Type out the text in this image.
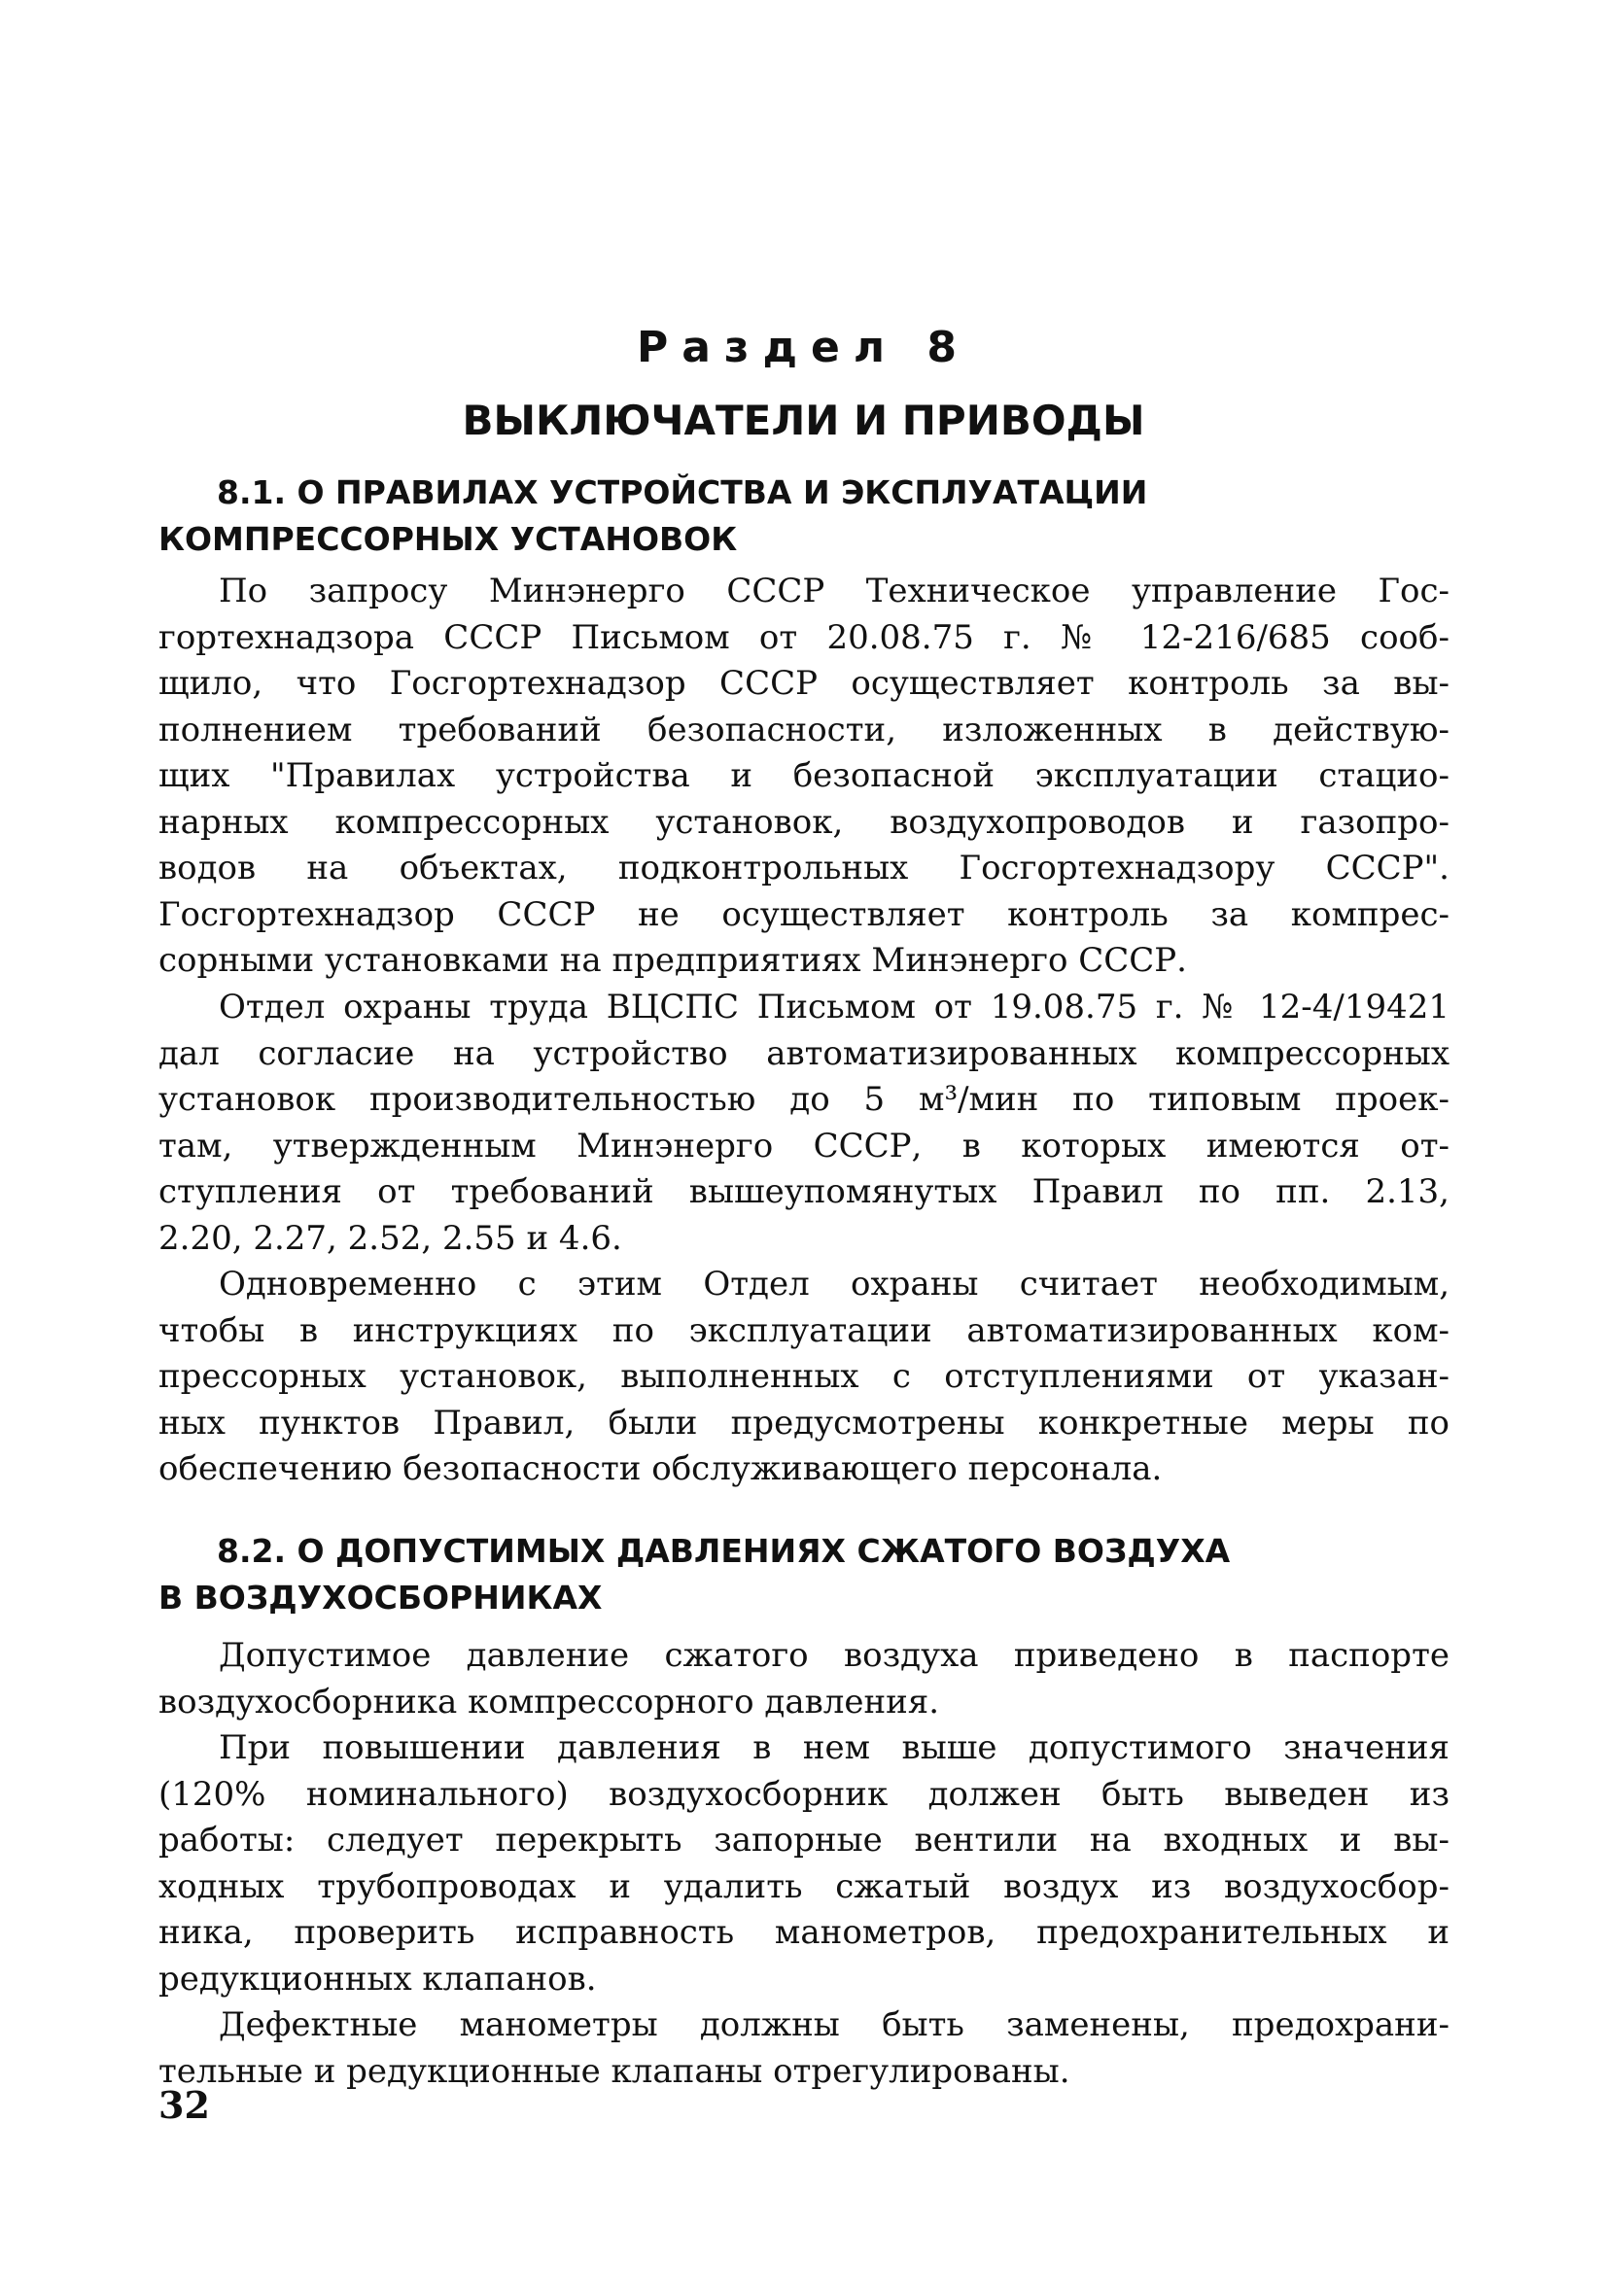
Раздел 8
ВЫКЛЮЧАТЕЛИ И ПРИВОДЫ
8.1. О ПРАВИЛАХ УСТРОЙСТВА И ЭКСПЛУАТАЦИИ
КОМПРЕССОРНЫХ УСТАНОВОК
По запросу Минэнерго СССР Техническое управление Гос-
гортехнадзора СССР Письмом от 20.08.75 г. № 12-216/685 сооб-
щило, что Госгортехнадзор СССР осуществляет контроль за вы-
полнением требований безопасности, изложенных в действую-
щих "Правилах устройства и безопасной эксплуатации стацио-
нарных компрессорных установок, воздухопроводов и газопро-
водов на объектах, подконтрольных Госгортехнадзору СССР".
Госгортехнадзор СССР не осуществляет контроль за компрес-
сорными установками на предприятиях Минэнерго СССР.
Отдел охраны труда ВЦСПС Письмом от 19.08.75 г. № 12-4/19421
дал согласие на устройство автоматизированных компрессорных
установок производительностью до 5 м³/мин по типовым проек-
там, утвержденным Минэнерго СССР, в которых имеются от-
ступления от требований вышеупомянутых Правил по пп. 2.13,
2.20, 2.27, 2.52, 2.55 и 4.6.
Одновременно с этим Отдел охраны считает необходимым,
чтобы в инструкциях по эксплуатации автоматизированных ком-
прессорных установок, выполненных с отступлениями от указан-
ных пунктов Правил, были предусмотрены конкретные меры по
обеспечению безопасности обслуживающего персонала.
8.2. О ДОПУСТИМЫХ ДАВЛЕНИЯХ СЖАТОГО ВОЗДУХА
В ВОЗДУХОСБОРНИКАХ
Допустимое давление сжатого воздуха приведено в паспорте
воздухосборника компрессорного давления.
При повышении давления в нем выше допустимого значения
(120% номинального) воздухосборник должен быть выведен из
работы: следует перекрыть запорные вентили на входных и вы-
ходных трубопроводах и удалить сжатый воздух из воздухосбор-
ника, проверить исправность манометров, предохранительных и
редукционных клапанов.
Дефектные манометры должны быть заменены, предохрани-
тельные и редукционные клапаны отрегулированы.
32
